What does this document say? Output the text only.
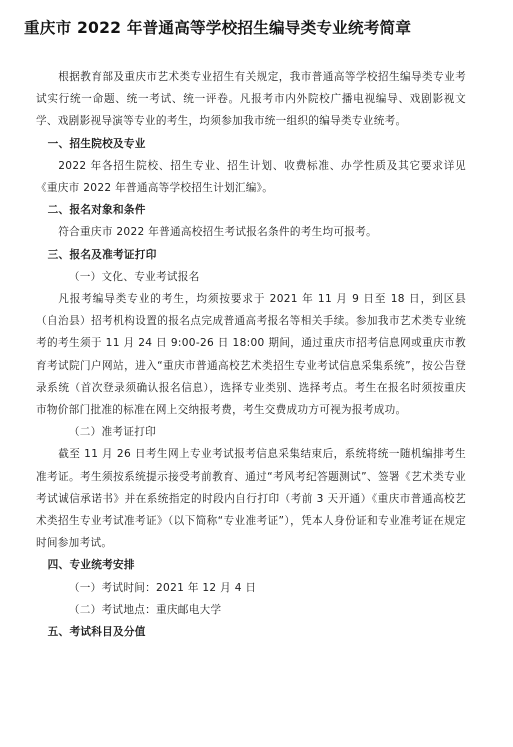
重庆市 2022 年普通高等学校招生编导类专业统考简章

根据教育部及重庆市艺术类专业招生有关规定，我市普通高等学校招生编导类专业考试实行统一命题、统一考试、统一评卷。凡报考市内外院校广播电视编导、戏剧影视文学、戏剧影视导演等专业的考生，均须参加我市统一组织的编导类专业统考。

一、招生院校及专业

2022 年各招生院校、招生专业、招生计划、收费标准、办学性质及其它要求详见《重庆市 2022 年普通高等学校招生计划汇编》。

二、报名对象和条件

符合重庆市 2022 年普通高校招生考试报名条件的考生均可报考。

三、报名及准考证打印

（一）文化、专业考试报名

凡报考编导类专业的考生，均须按要求于 2021 年 11 月 9 日至 18 日，到区县（自治县）招考机构设置的报名点完成普通高考报名等相关手续。参加我市艺术类专业统考的考生须于 11 月 24 日 9:00-26 日 18:00 期间，通过重庆市招考信息网或重庆市教育考试院门户网站，进入“重庆市普通高校艺术类招生专业考试信息采集系统”，按公告登录系统（首次登录须确认报名信息），选择专业类别、选择考点。考生在报名时须按重庆市物价部门批准的标准在网上交纳报考费，考生交费成功方可视为报考成功。

（二）准考证打印

截至 11 月 26 日考生网上专业考试报考信息采集结束后，系统将统一随机编排考生准考证。考生须按系统提示接受考前教育、通过“考风考纪答题测试”、签署《艺术类专业考试诚信承诺书》并在系统指定的时段内自行打印（考前 3 天开通）《重庆市普通高校艺术类招生专业考试准考证》（以下简称“专业准考证”），凭本人身份证和专业准考证在规定时间参加考试。

四、专业统考安排

（一）考试时间：2021 年 12 月 4 日

（二）考试地点：重庆邮电大学

五、考试科目及分值
